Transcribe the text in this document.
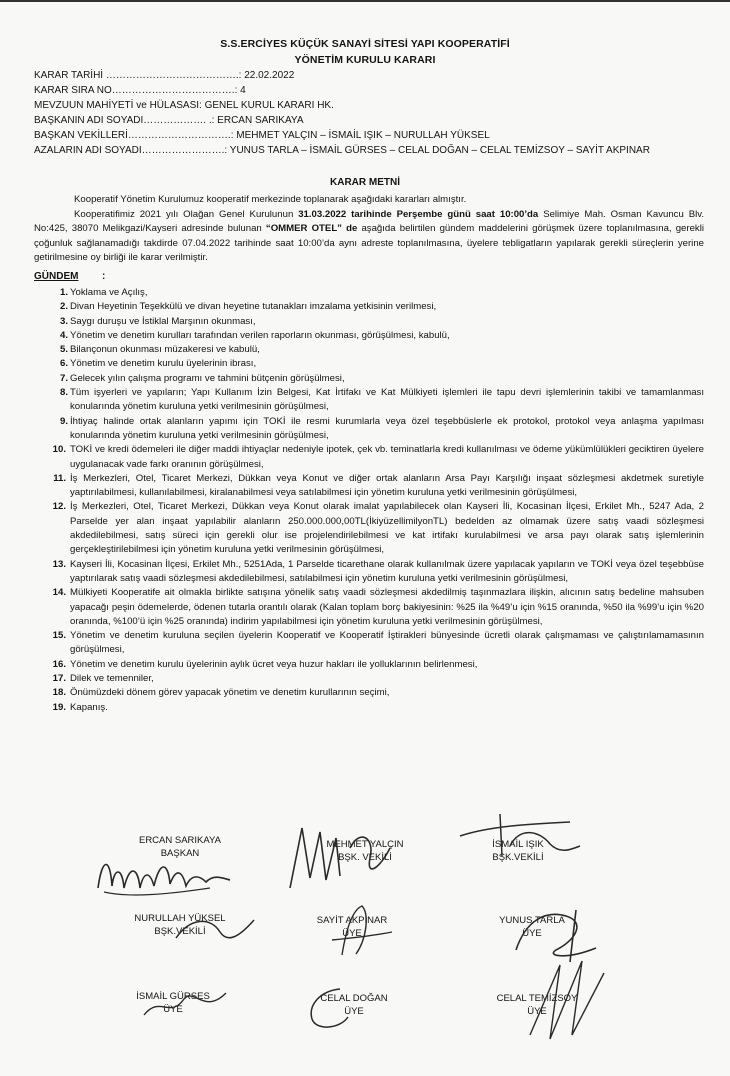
S.S.ERCİYES KÜÇÜK SANAYİ SİTESİ YAPI KOOPERATİFİ
YÖNETİM KURULU KARARI
KARAR TARİHİ ………………………………….: 22.02.2022
KARAR SIRA NO……………………………….: 4
MEVZUUN MAHİYETİ ve HÜLASASI: GENEL KURUL KARARI HK.
BAŞKANIN ADI SOYADI………………. .: ERCAN SARIKAYA
BAŞKAN VEKİLLERİ………………………….: MEHMET YALÇIN – İSMAİL IŞIK – NURULLAH YÜKSEL
AZALARIN ADI SOYADI…………………….: YUNUS TARLA – İSMAİL GÜRSES – CELAL DOĞAN – CELAL TEMİZSOY – SAYİT AKPINAR
KARAR METNİ

Kooperatif Yönetim Kurulumuz kooperatif merkezinde toplanarak aşağıdaki kararları almıştır.

Kooperatifimiz 2021 yılı Olağan Genel Kurulunun 31.03.2022 tarihinde Perşembe günü saat 10:00’da Selimiye Mah. Osman Kavuncu Blv. No:425, 38070 Melikgazi/Kayseri adresinde bulunan “OMMER OTEL” de aşağıda belirtilen gündem maddelerini görüşmek üzere toplanılmasına, gerekli çoğunluk sağlanamadığı takdirde 07.04.2022 tarihinde saat 10:00’da aynı adreste toplanılmasına, üyelere tebligatların yapılarak gerekli süreçlerin yerine getirilmesine oy birliği ile karar verilmiştir.

GÜNDEM :
1. Yoklama ve Açılış,
2. Divan Heyetinin Teşekkülü ve divan heyetine tutanakları imzalama yetkisinin verilmesi,
3. Saygı duruşu ve İstiklal Marşının okunması,
4. Yönetim ve denetim kurulları tarafından verilen raporların okunması, görüşülmesi, kabulü,
5. Bilançonun okunması müzakeresi ve kabulü,
6. Yönetim ve denetim kurulu üyelerinin ibrası,
7. Gelecek yılın çalışma programı ve tahmini bütçenin görüşülmesi,
8. Tüm işyerleri ve yapıların; Yapı Kullanım İzin Belgesi, Kat İrtifakı ve Kat Mülkiyeti işlemleri ile tapu devri işlemlerinin takibi ve tamamlanması konularında yönetim kuruluna yetki verilmesinin görüşülmesi,
9. İhtiyaç halinde ortak alanların yapımı için TOKİ ile resmi kurumlarla veya özel teşebbüslerle ek protokol, protokol veya anlaşma yapılması konularında yönetim kuruluna yetki verilmesinin görüşülmesi,
10. TOKİ ve kredi ödemeleri ile diğer maddi ihtiyaçlar nedeniyle ipotek, çek vb. teminatlarla kredi kullanılması ve ödeme yükümlülükleri geciktiren üyelere uygulanacak vade farkı oranının görüşülmesi,
11. İş Merkezleri, Otel, Ticaret Merkezi, Dükkan veya Konut ve diğer ortak alanların Arsa Payı Karşılığı inşaat sözleşmesi akdetmek suretiyle yaptırılabilmesi, kullanılabilmesi, kiralanabilmesi veya satılabilmesi için yönetim kuruluna yetki verilmesinin görüşülmesi,
12. İş Merkezleri, Otel, Ticaret Merkezi, Dükkan veya Konut olarak imalat yapılabilecek olan Kayseri İli, Kocasinan İlçesi, Erkilet Mh., 5247 Ada, 2 Parselde yer alan inşaat yapılabilir alanların 250.000.000,00TL(İkiyüzellimilyonTL) bedelden az olmamak üzere satış vaadi sözleşmesi akdedilebilmesi, satış süreci için gerekli olur ise projelendirilebilmesi ve kat irtifakı kurulabilmesi ve arsa payı olarak satış işlemlerinin gerçekleştirilebilmesi için yönetim kuruluna yetki verilmesinin görüşülmesi,
13. Kayseri İli, Kocasinan İlçesi, Erkilet Mh., 5251Ada, 1 Parselde ticarethane olarak kullanılmak üzere yapılacak yapıların ve TOKİ veya özel teşebbüse yaptırılarak satış vaadi sözleşmesi akdedilebilmesi, satılabilmesi için yönetim kuruluna yetki verilmesinin görüşülmesi,
14. Mülkiyeti Kooperatife ait olmakla birlikte satışına yönelik satış vaadi sözleşmesi akdedilmiş taşınmazlara ilişkin, alıcının satış bedeline mahsuben yapacağı peşin ödemelerde, ödenen tutarla orantılı olarak (Kalan toplam borç bakiyesinin: %25 ila %49’u için %15 oranında, %50 ila %99’u için %20 oranında, %100’ü için %25 oranında) indirim yapılabilmesi için yönetim kuruluna yetki verilmesinin görüşülmesi,
15. Yönetim ve denetim kuruluna seçilen üyelerin Kooperatif ve Kooperatif İştirakleri bünyesinde ücretli olarak çalışmaması ve çalıştırılamamasının görüşülmesi,
16. Yönetim ve denetim kurulu üyelerinin aylık ücret veya huzur hakları ile yolluklarının belirlenmesi,
17. Dilek ve temenniler,
18. Önümüzdeki dönem görev yapacak yönetim ve denetim kurullarının seçimi,
19. Kapanış.
ERCAN SARIKAYA
BAŞKAN
MEHMET YALÇIN
BŞK. VEKİLİ
İSMAİL IŞIK
BŞK.VEKİLİ
NURULLAH YÜKSEL
BŞK.VEKİLİ
SAYİT AKPINAR
ÜYE
YUNUS TARLA
ÜYE
İSMAİL GÜRSES
ÜYE
CELAL DOĞAN
ÜYE
CELAL TEMİZSOY
ÜYE
